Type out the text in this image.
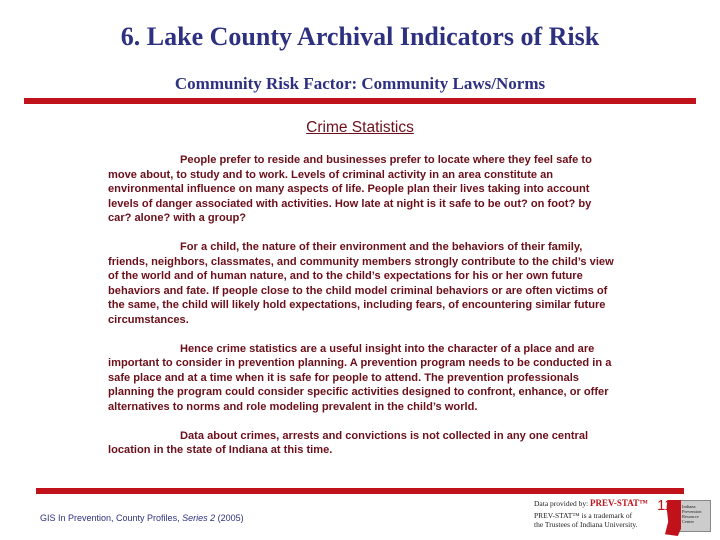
6. Lake County Archival Indicators of Risk
Community Risk Factor: Community Laws/Norms
Crime Statistics

People prefer to reside and businesses prefer to locate where they feel safe to move about, to study and to work. Levels of criminal activity in an area constitute an environmental influence on many aspects of life. People plan their lives taking into account levels of danger associated with activities. How late at night is it safe to be out? on foot? by car? alone? with a group?

For a child, the nature of their environment and the behaviors of their family, friends, neighbors, classmates, and community members strongly contribute to the child’s view of the world and of human nature, and to the child’s expectations for his or her own future behaviors and fate. If people close to the child model criminal behaviors or are often victims of the same, the child will likely hold expectations, including fears, of encountering similar future circumstances.

Hence crime statistics are a useful insight into the character of a place and are important to consider in prevention planning. A prevention program needs to be conducted in a safe place and at a time when it is safe for people to attend. The prevention professionals planning the program could consider specific activities designed to confront, enhance, or offer alternatives to norms and role modeling prevalent in the child’s world.

Data about crimes, arrests and convictions is not collected in any one central location in the state of Indiana at this time.

GIS In Prevention, County Profiles, Series 2 (2005)
Data provided by: PREV-STAT™
PREV-STAT™ is a trademark of
the Trustees of Indiana University.
Indiana
Prevention
Resource
Center
112
